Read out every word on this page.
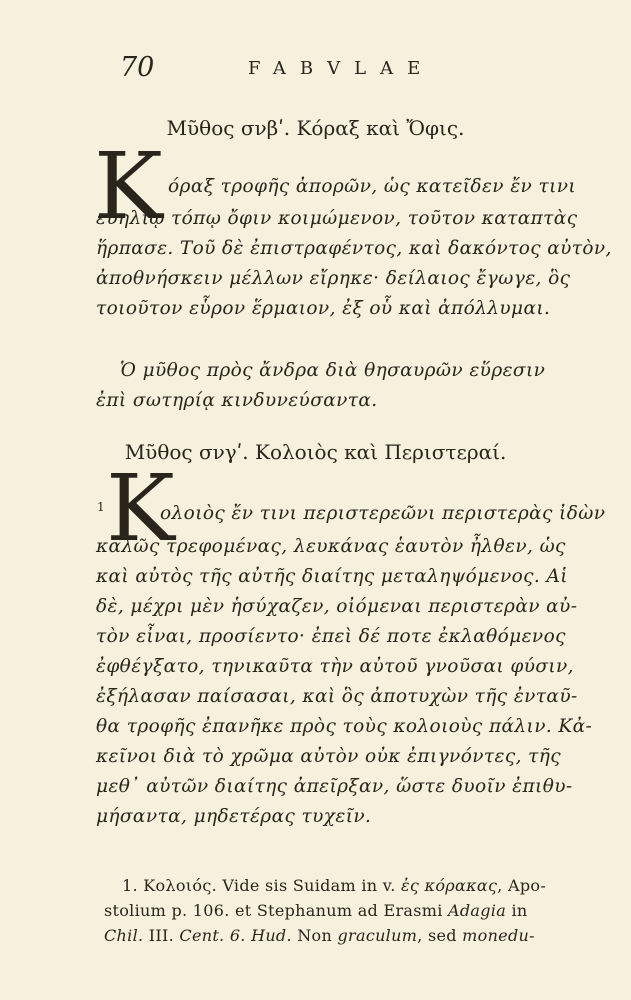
70	FABVLAE
Μῦθος σνβʹ. Κόραξ καὶ Ὄφις.
Κ όραξ τροφῆς ἀπορῶν, ὡς κατεῖδεν ἔν τινι
εὐηλίῳ τόπῳ ὄφιν κοιμώμενον, τοῦτον καταπτὰς
ἥρπασε. Τοῦ δὲ ἐπιστραφέντος, καὶ δακόντος αὐτὸν,
ἀποθνήσκειν μέλλων εἴρηκε· δείλαιος ἔγωγε, ὃς
τοιοῦτον εὗρον ἕρμαιον, ἐξ οὗ καὶ ἀπόλλυμαι.
Ὁ μῦθος πρὸς ἄνδρα διὰ θησαυρῶν εὕρεσιν
ἐπὶ σωτηρίᾳ κινδυνεύσαντα.
Μῦθος σνγʹ. Κολοιὸς καὶ Περιστεραί.
1 Κ
ολοιὸς ἔν τινι περιστερεῶνι περιστερὰς ἰδὼν
καλῶς τρεφομένας, λευκάνας ἑαυτὸν ἦλθεν, ὡς
καὶ αὐτὸς τῆς αὐτῆς διαίτης μεταληψόμενος. Αἱ
δὲ, μέχρι μὲν ἡσύχαζεν, οἰόμεναι περιστερὰν αὐ-
τὸν εἶναι, προσίεντο· ἐπεὶ δέ ποτε ἐκλαθόμενος
ἐφθέγξατο, τηνικαῦτα τὴν αὐτοῦ γνοῦσαι φύσιν,
ἐξήλασαν παίσασαι, καὶ ὃς ἀποτυχὼν τῆς ἐνταῦ-
θα τροφῆς ἐπανῆκε πρὸς τοὺς κολοιοὺς πάλιν. Κἀ-
κεῖνοι διὰ τὸ χρῶμα αὐτὸν οὐκ ἐπιγνόντες, τῆς
μεθ᾽ αὐτῶν διαίτης ἀπεῖρξαν, ὥστε δυοῖν ἐπιθυ-
μήσαντα, μηδετέρας τυχεῖν.
1. Κολοιός. Vide sis Suidam in v. ἐς κόρακας, Apo-
stolium p. 106. et Stephanum ad Erasmi Adagia in
Chil. III. Cent. 6. Hud. Non graculum, sed monedu-
